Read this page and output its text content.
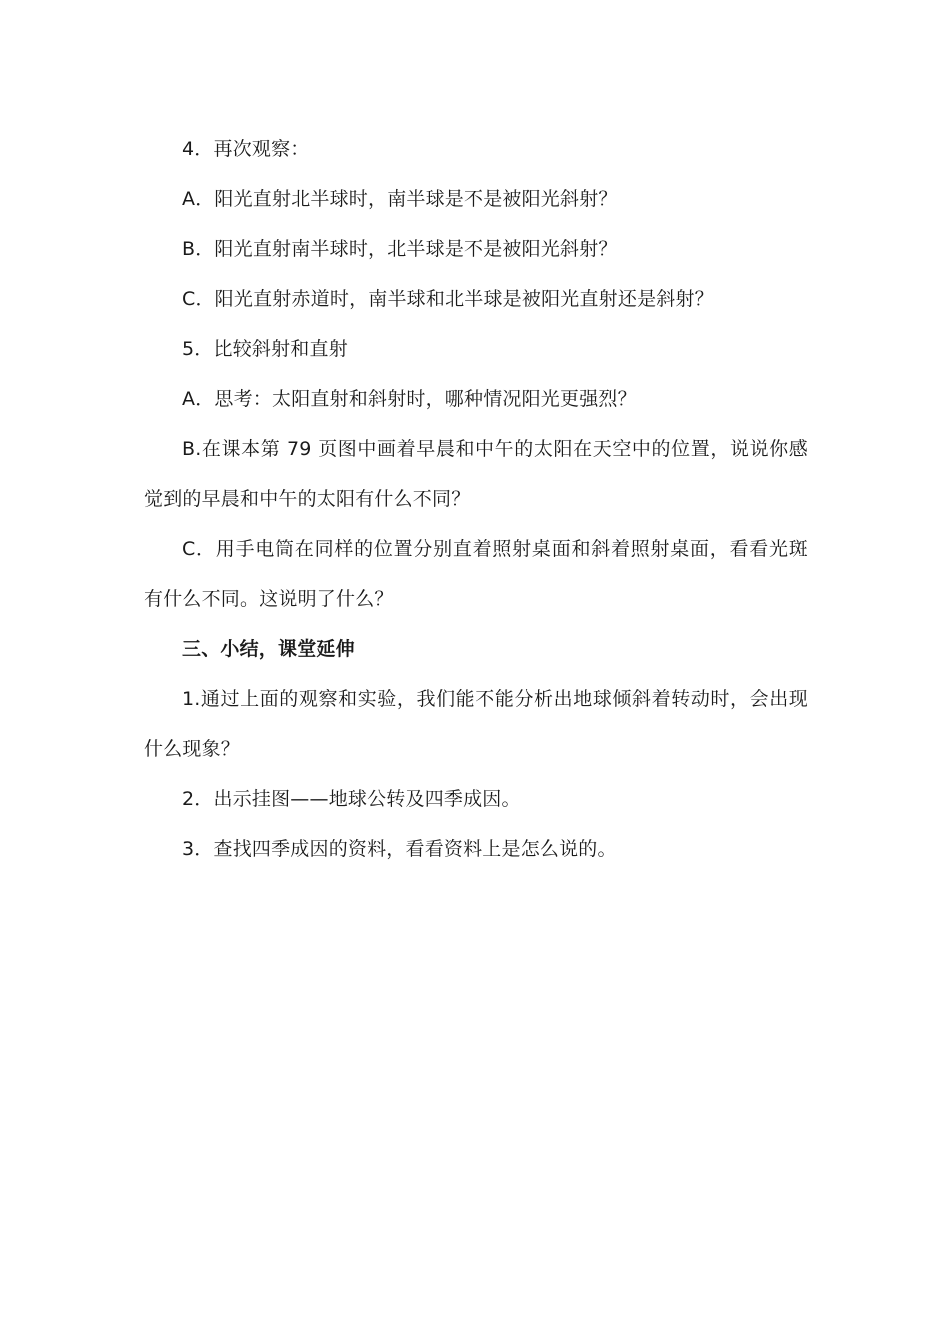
4．再次观察：

A．阳光直射北半球时，南半球是不是被阳光斜射？

B．阳光直射南半球时，北半球是不是被阳光斜射？

C．阳光直射赤道时，南半球和北半球是被阳光直射还是斜射？

5．比较斜射和直射

A．思考：太阳直射和斜射时，哪种情况阳光更强烈？

B.在课本第 79 页图中画着早晨和中午的太阳在天空中的位置，说说你感觉到的早晨和中午的太阳有什么不同？

C．用手电筒在同样的位置分别直着照射桌面和斜着照射桌面，看看光斑有什么不同。这说明了什么？

三、小结，课堂延伸

1.通过上面的观察和实验，我们能不能分析出地球倾斜着转动时，会出现什么现象？

2．出示挂图——地球公转及四季成因。

3．查找四季成因的资料，看看资料上是怎么说的。
